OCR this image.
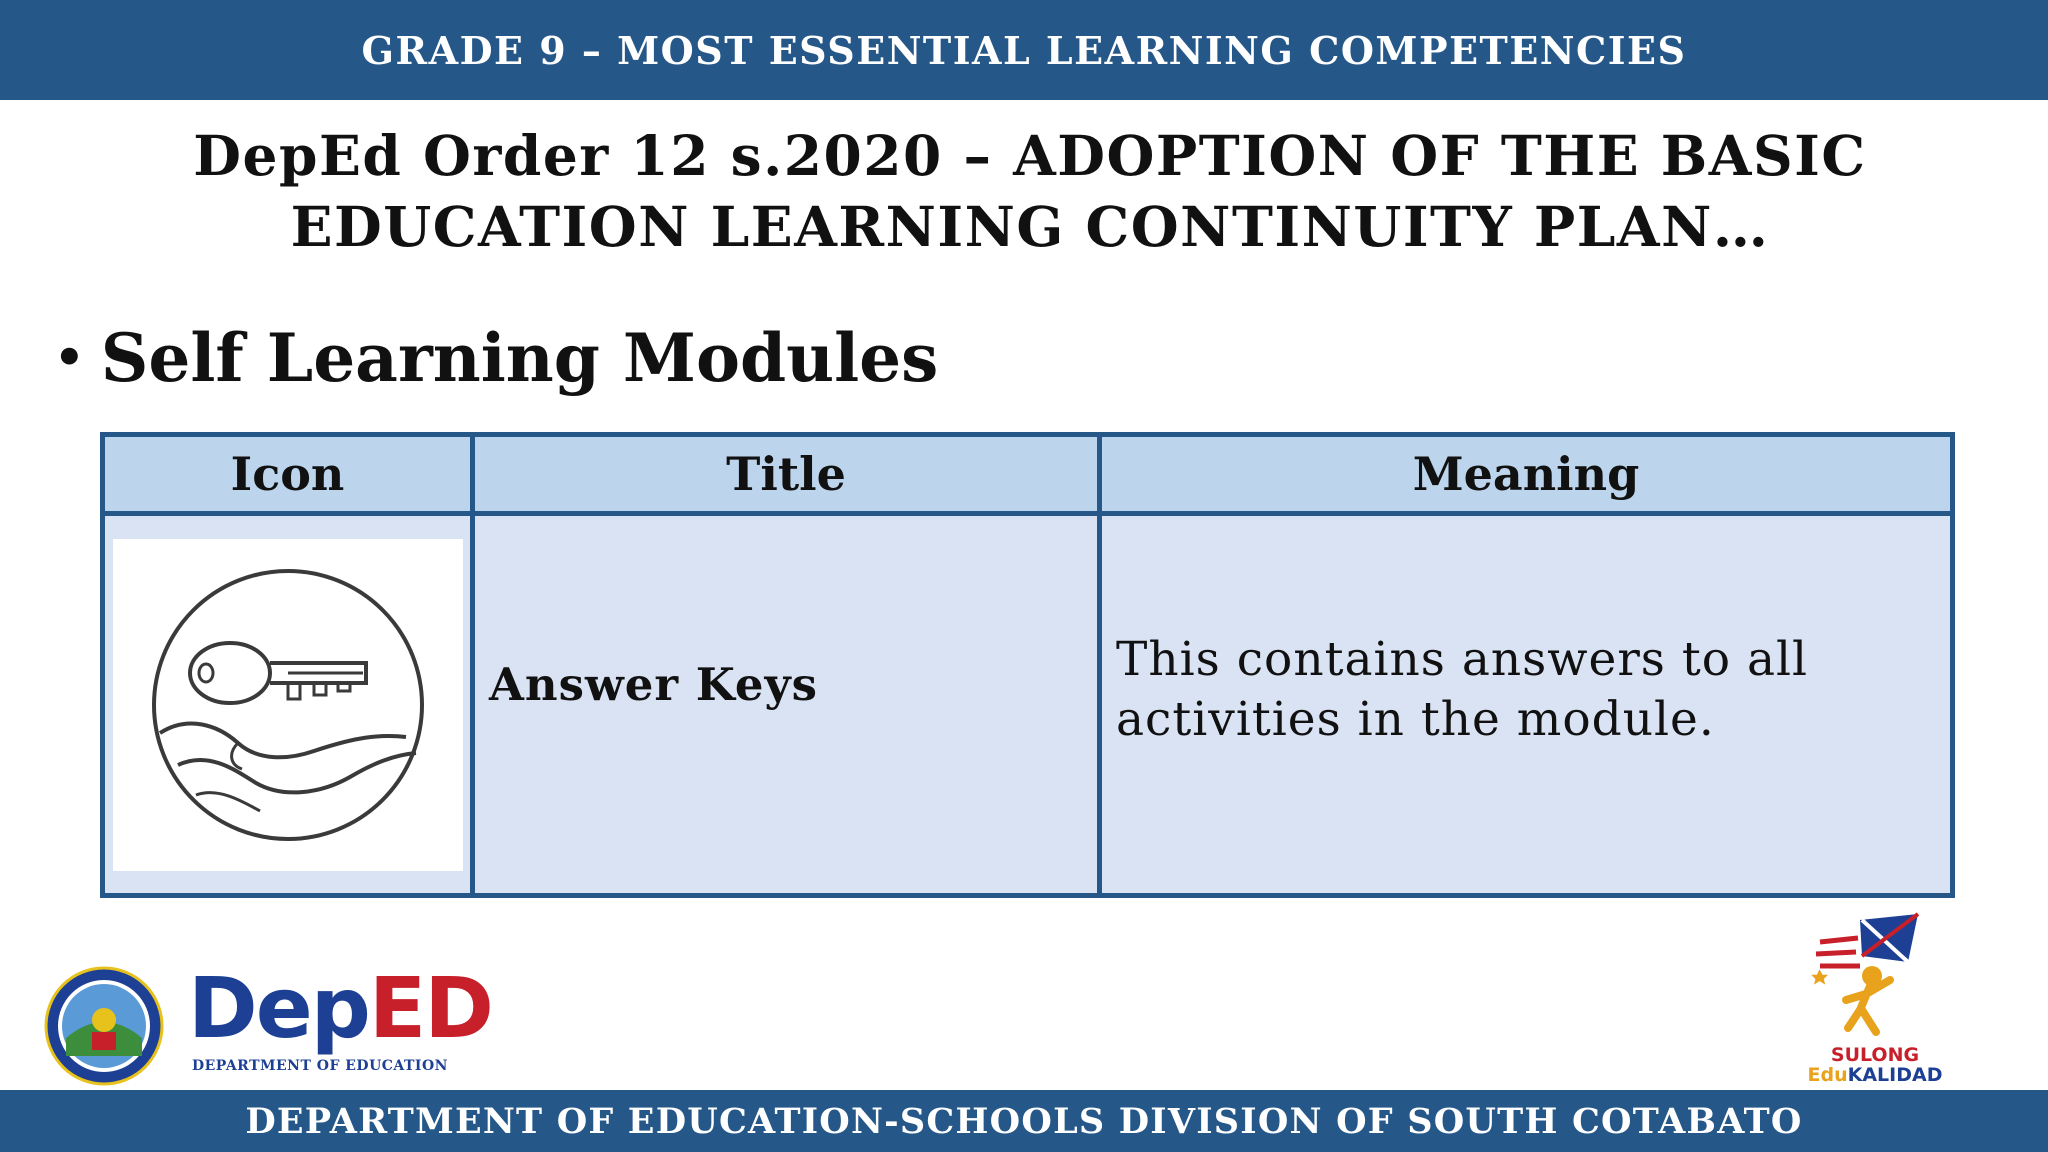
GRADE 9 – MOST ESSENTIAL LEARNING COMPETENCIES
DepEd Order 12 s.2020 – ADOPTION OF THE BASIC
EDUCATION LEARNING CONTINUITY PLAN…
• Self Learning Modules
Icon	Title	Meaning

	Answer Keys	This contains answers to all activities in the module.
DepED
DEPARTMENT OF EDUCATION	SULONG
EduKALIDAD
DEPARTMENT OF EDUCATION-SCHOOLS DIVISION OF SOUTH COTABATO
